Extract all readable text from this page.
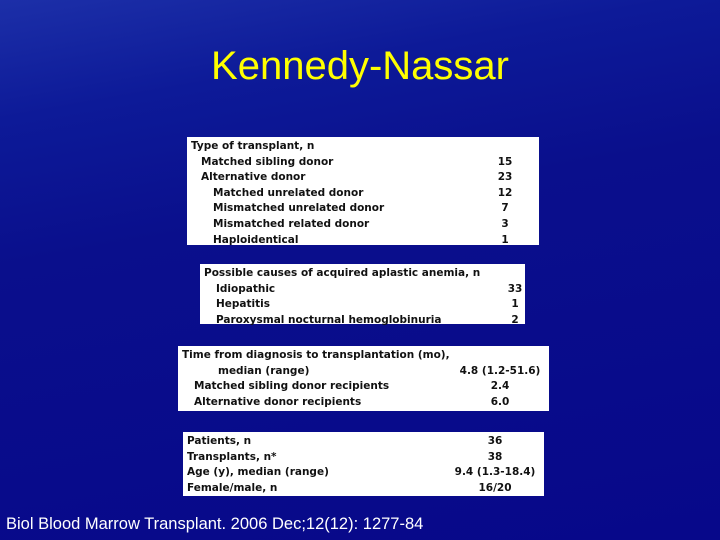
Kennedy-Nassar
Type of transplant, n
Matched sibling donor	15
Alternative donor	23
Matched unrelated donor	12
Mismatched unrelated donor	7
Mismatched related donor	3
Haploidentical	1
Possible causes of acquired aplastic anemia, n
Idiopathic	33
Hepatitis	1
Paroxysmal nocturnal hemoglobinuria	2
Time from diagnosis to transplantation (mo),
median (range)	4.8 (1.2-51.6)
Matched sibling donor recipients	2.4
Alternative donor recipients	6.0
Patients, n	36
Transplants, n*	38
Age (y), median (range)	9.4 (1.3-18.4)
Female/male, n	16/20
Biol Blood Marrow Transplant. 2006 Dec;12(12): 1277-84
